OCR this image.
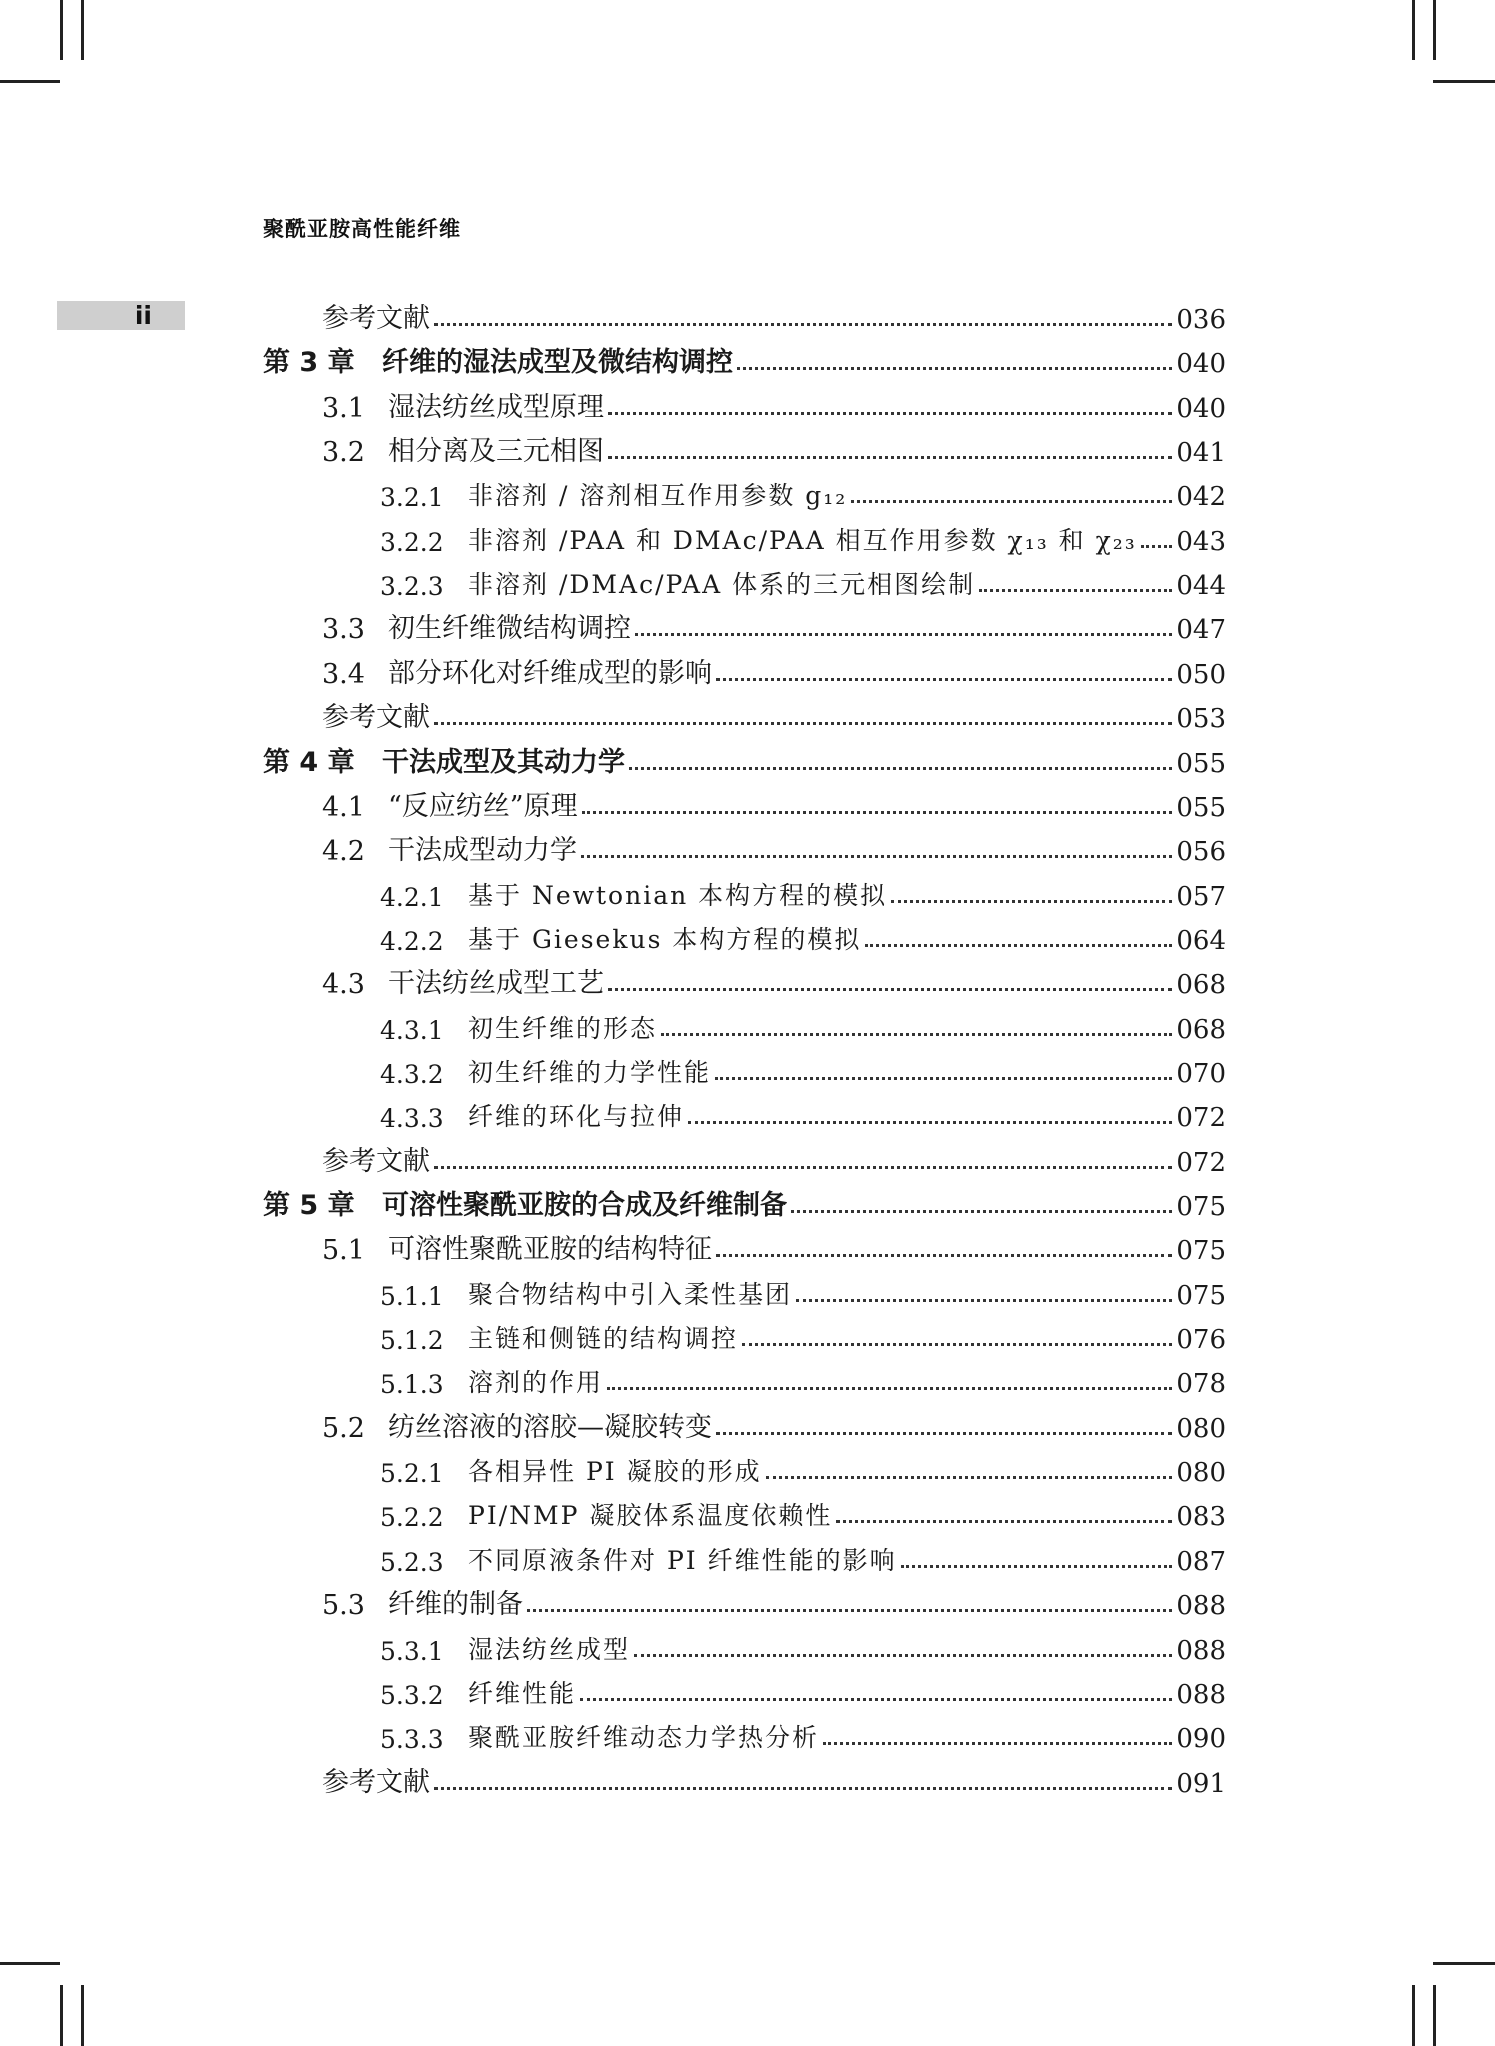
聚酰亚胺高性能纤维
ii	参考文献	036
第 3 章	纤维的湿法成型及微结构调控	040
3.1 湿法纺丝成型原理	040
3.2 相分离及三元相图	041
3.2.1 非溶剂 / 溶剂相互作用参数 g₁₂	042
3.2.2 非溶剂 /PAA 和 DMAc/PAA 相互作用参数 χ₁₃ 和 χ₂₃ 043
3.2.3 非溶剂 /DMAc/PAA 体系的三元相图绘制	044
3.3 初生纤维微结构调控	047
3.4 部分环化对纤维成型的影响	050
参考文献	053
第 4 章	干法成型及其动力学	055
4.1 “反应纺丝”原理	055
4.2 干法成型动力学	056
4.2.1 基于 Newtonian 本构方程的模拟	057
4.2.2 基于 Giesekus 本构方程的模拟	064
4.3 干法纺丝成型工艺	068
4.3.1 初生纤维的形态	068
4.3.2 初生纤维的力学性能	070
4.3.3 纤维的环化与拉伸	072
参考文献	072
第 5 章	可溶性聚酰亚胺的合成及纤维制备	075
5.1 可溶性聚酰亚胺的结构特征	075
5.1.1 聚合物结构中引入柔性基团	075
5.1.2 主链和侧链的结构调控	076
5.1.3 溶剂的作用	078
5.2 纺丝溶液的溶胶—凝胶转变	080
5.2.1 各相异性 PI 凝胶的形成	080
5.2.2 PI/NMP 凝胶体系温度依赖性	083
5.2.3 不同原液条件对 PI 纤维性能的影响	087
5.3 纤维的制备	088
5.3.1 湿法纺丝成型	088
5.3.2 纤维性能	088
5.3.3 聚酰亚胺纤维动态力学热分析	090
参考文献	091
